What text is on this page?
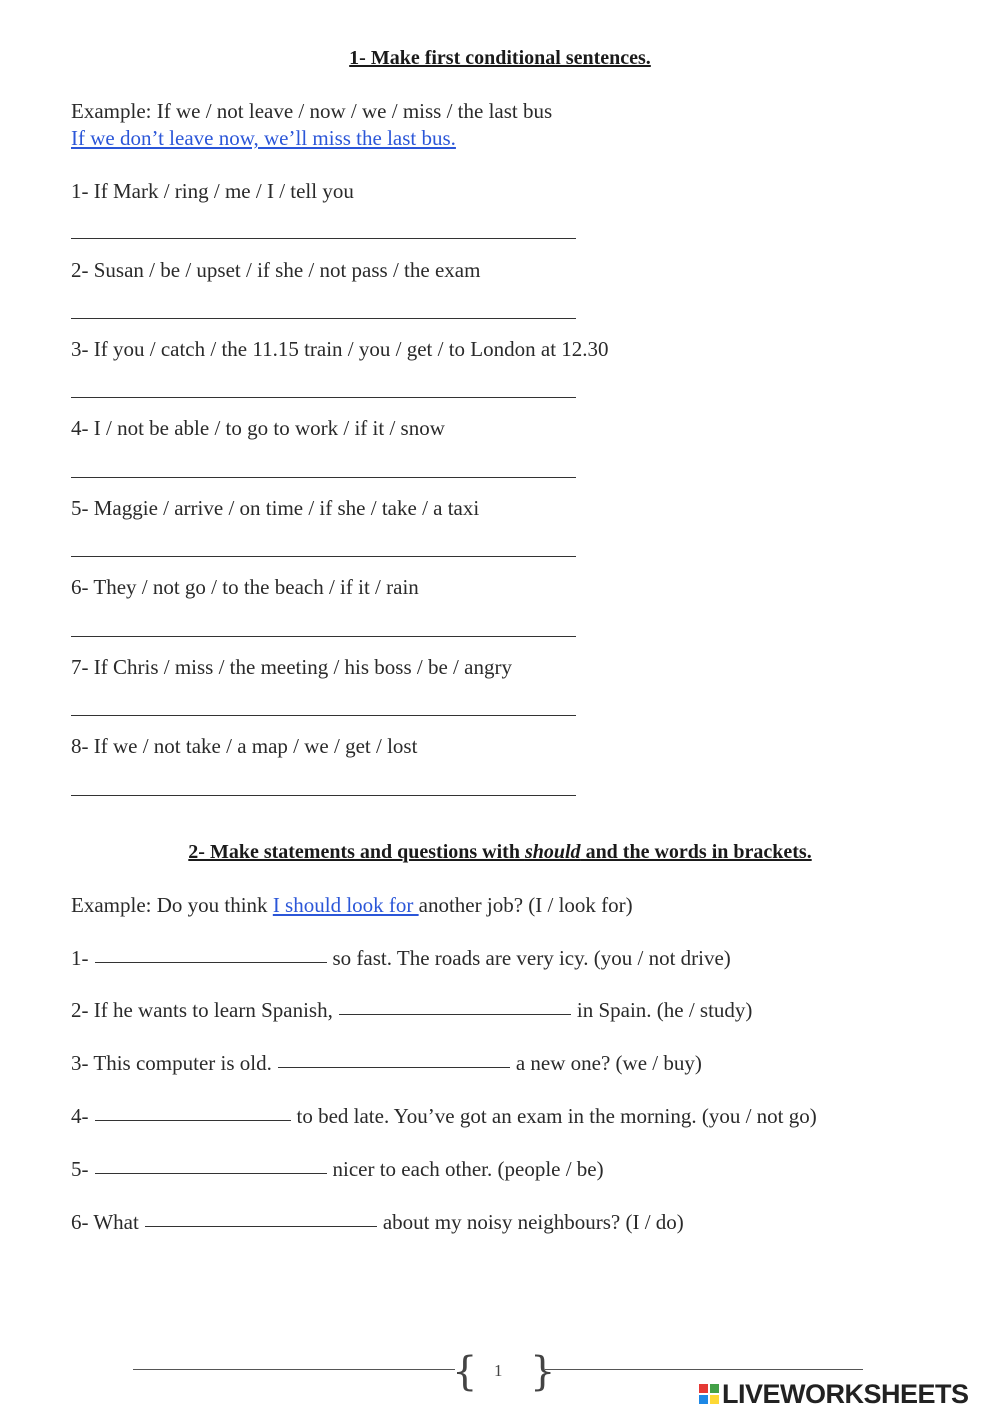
1- Make first conditional sentences.
Example: If we / not leave / now / we / miss / the last bus
If we don’t leave now, we’ll miss the last bus.
1- If Mark / ring / me / I / tell you
2- Susan / be / upset / if she / not pass / the exam
3- If you / catch / the 11.15 train / you / get / to London at 12.30
4- I / not be able / to go to work / if it / snow
5- Maggie / arrive / on time / if she / take / a taxi
6- They / not go / to the beach / if it / rain
7- If Chris / miss / the meeting / his boss / be / angry
8- If we / not take / a map / we / get / lost
2- Make statements and questions with should and the words in brackets.
Example: Do you think I should look for another job? (I / look for)
1-	so fast. The roads are very icy. (you / not drive)
2- If he wants to learn Spanish,	in Spain. (he / study)
3- This computer is old.	a new one? (we / buy)
4-	to bed late. You’ve got an exam in the morning. (you / not go)
5-	nicer to each other. (people / be)
6- What	about my noisy neighbours? (I / do)
{ 1 }	LIVEWORKSHEETS
